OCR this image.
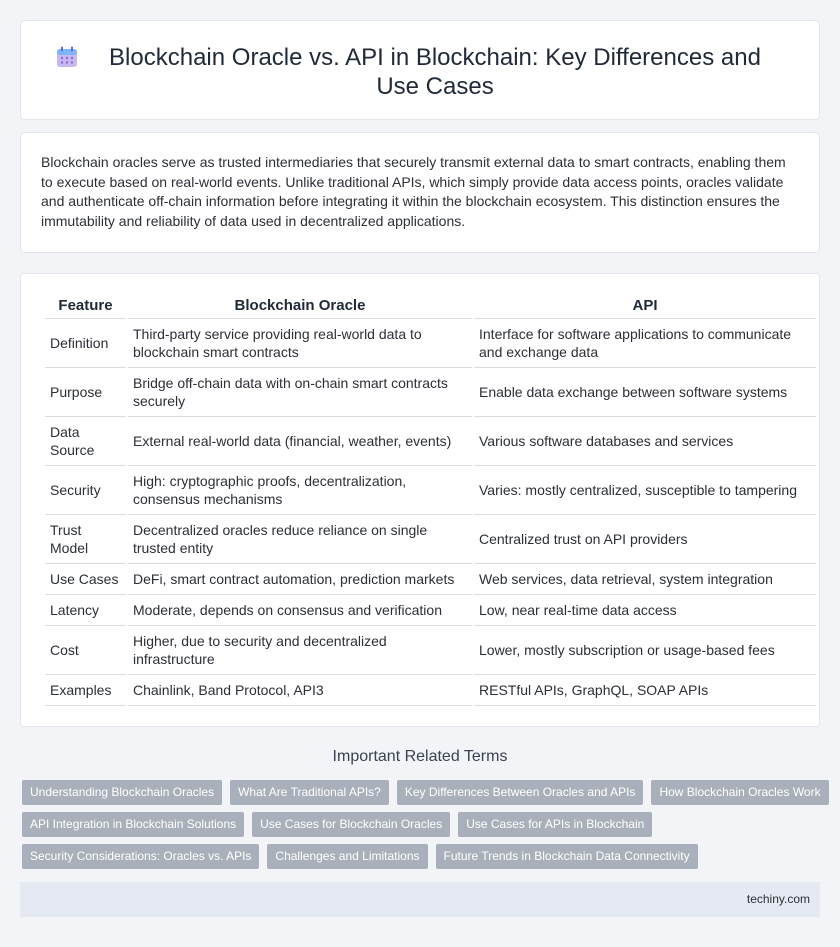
Blockchain Oracle vs. API in Blockchain: Key Differences and Use Cases

Blockchain oracles serve as trusted intermediaries that securely transmit external data to smart contracts, enabling them to execute based on real-world events. Unlike traditional APIs, which simply provide data access points, oracles validate and authenticate off-chain information before integrating it within the blockchain ecosystem. This distinction ensures the immutability and reliability of data used in decentralized applications.

Feature	Blockchain Oracle	API
Definition	Third-party service providing real-world data to blockchain smart contracts	Interface for software applications to communicate and exchange data
Purpose	Bridge off-chain data with on-chain smart contracts securely	Enable data exchange between software systems
Data Source	External real-world data (financial, weather, events)	Various software databases and services
Security	High: cryptographic proofs, decentralization, consensus mechanisms	Varies: mostly centralized, susceptible to tampering
Trust Model	Decentralized oracles reduce reliance on single trusted entity	Centralized trust on API providers
Use Cases	DeFi, smart contract automation, prediction markets	Web services, data retrieval, system integration
Latency	Moderate, depends on consensus and verification	Low, near real-time data access
Cost	Higher, due to security and decentralized infrastructure	Lower, mostly subscription or usage-based fees
Examples	Chainlink, Band Protocol, API3	RESTful APIs, GraphQL, SOAP APIs
Important Related Terms
Understanding Blockchain Oracles	What Are Traditional APIs?	Key Differences Between Oracles and APIs	How Blockchain Oracles Work
API Integration in Blockchain Solutions	Use Cases for Blockchain Oracles	Use Cases for APIs in Blockchain
Security Considerations: Oracles vs. APIs	Challenges and Limitations	Future Trends in Blockchain Data Connectivity
techiny.com
